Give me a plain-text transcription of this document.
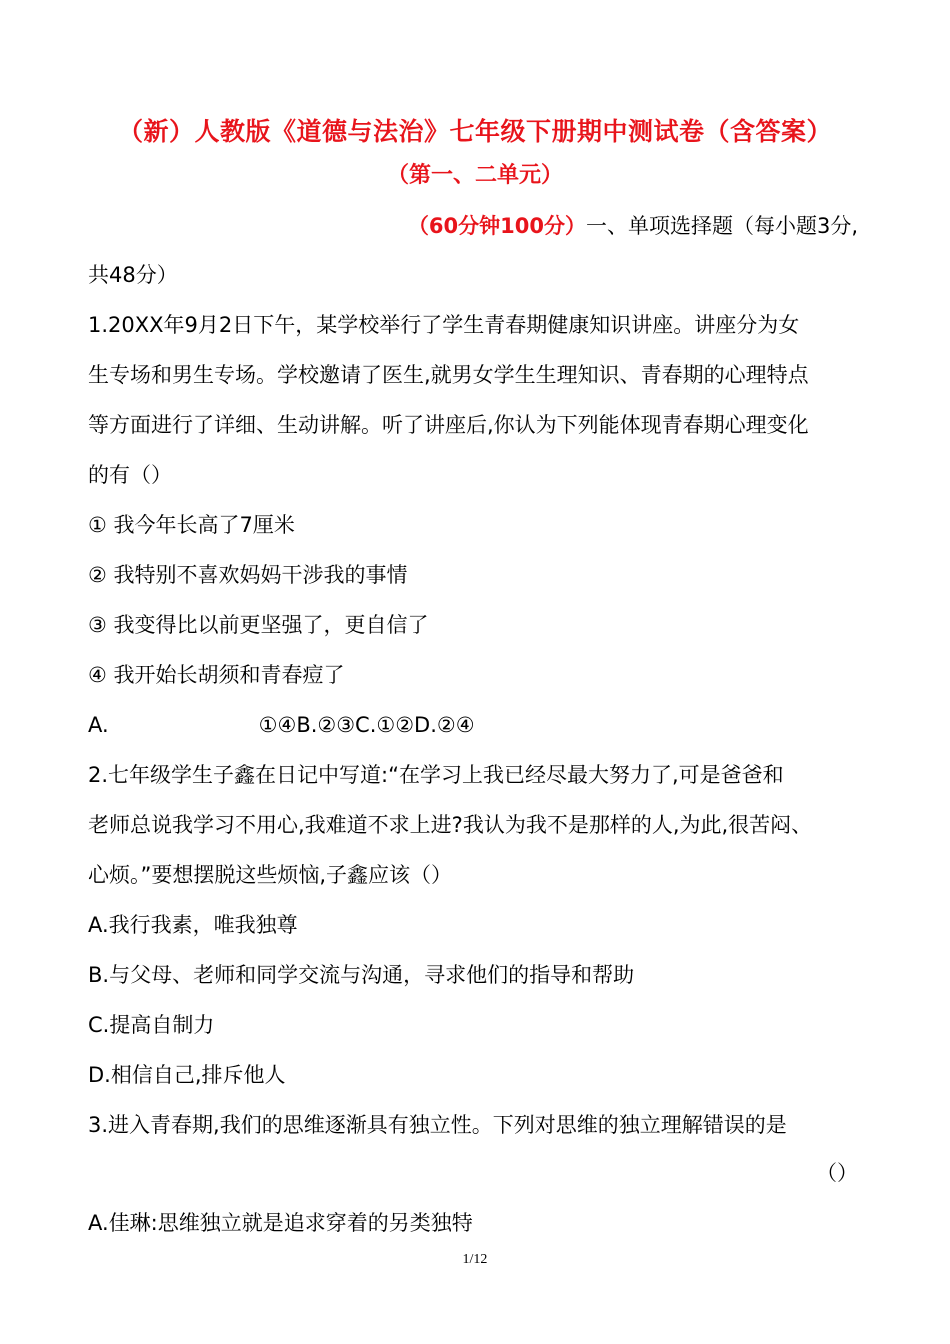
（新）人教版《道德与法治》七年级下册期中测试卷（含答案）
（第一、二单元）
（60分钟100分）一、单项选择题（每小题3分,
共48分）
1.20XX年9月2日下午，某学校举行了学生青春期健康知识讲座。讲座分为女
生专场和男生专场。学校邀请了医生,就男女学生生理知识、青春期的心理特点
等方面进行了详细、生动讲解。听了讲座后,你认为下列能体现青春期心理变化
的有（）
① 我今年长高了7厘米
② 我特别不喜欢妈妈干涉我的事情
③ 我变得比以前更坚强了，更自信了
④ 我开始长胡须和青春痘了
A.	①④B.②③C.①②D.②④
2.七年级学生子鑫在日记中写道:“在学习上我已经尽最大努力了,可是爸爸和
老师总说我学习不用心,我难道不求上进?我认为我不是那样的人,为此,很苦闷、
心烦。”要想摆脱这些烦恼,子鑫应该（）
A.我行我素，唯我独尊
B.与父母、老师和同学交流与沟通，寻求他们的指导和帮助
C.提高自制力
D.相信自己,排斥他人
3.进入青春期,我们的思维逐渐具有独立性。下列对思维的独立理解错误的是
（）
A.佳琳:思维独立就是追求穿着的另类独特
1/12
